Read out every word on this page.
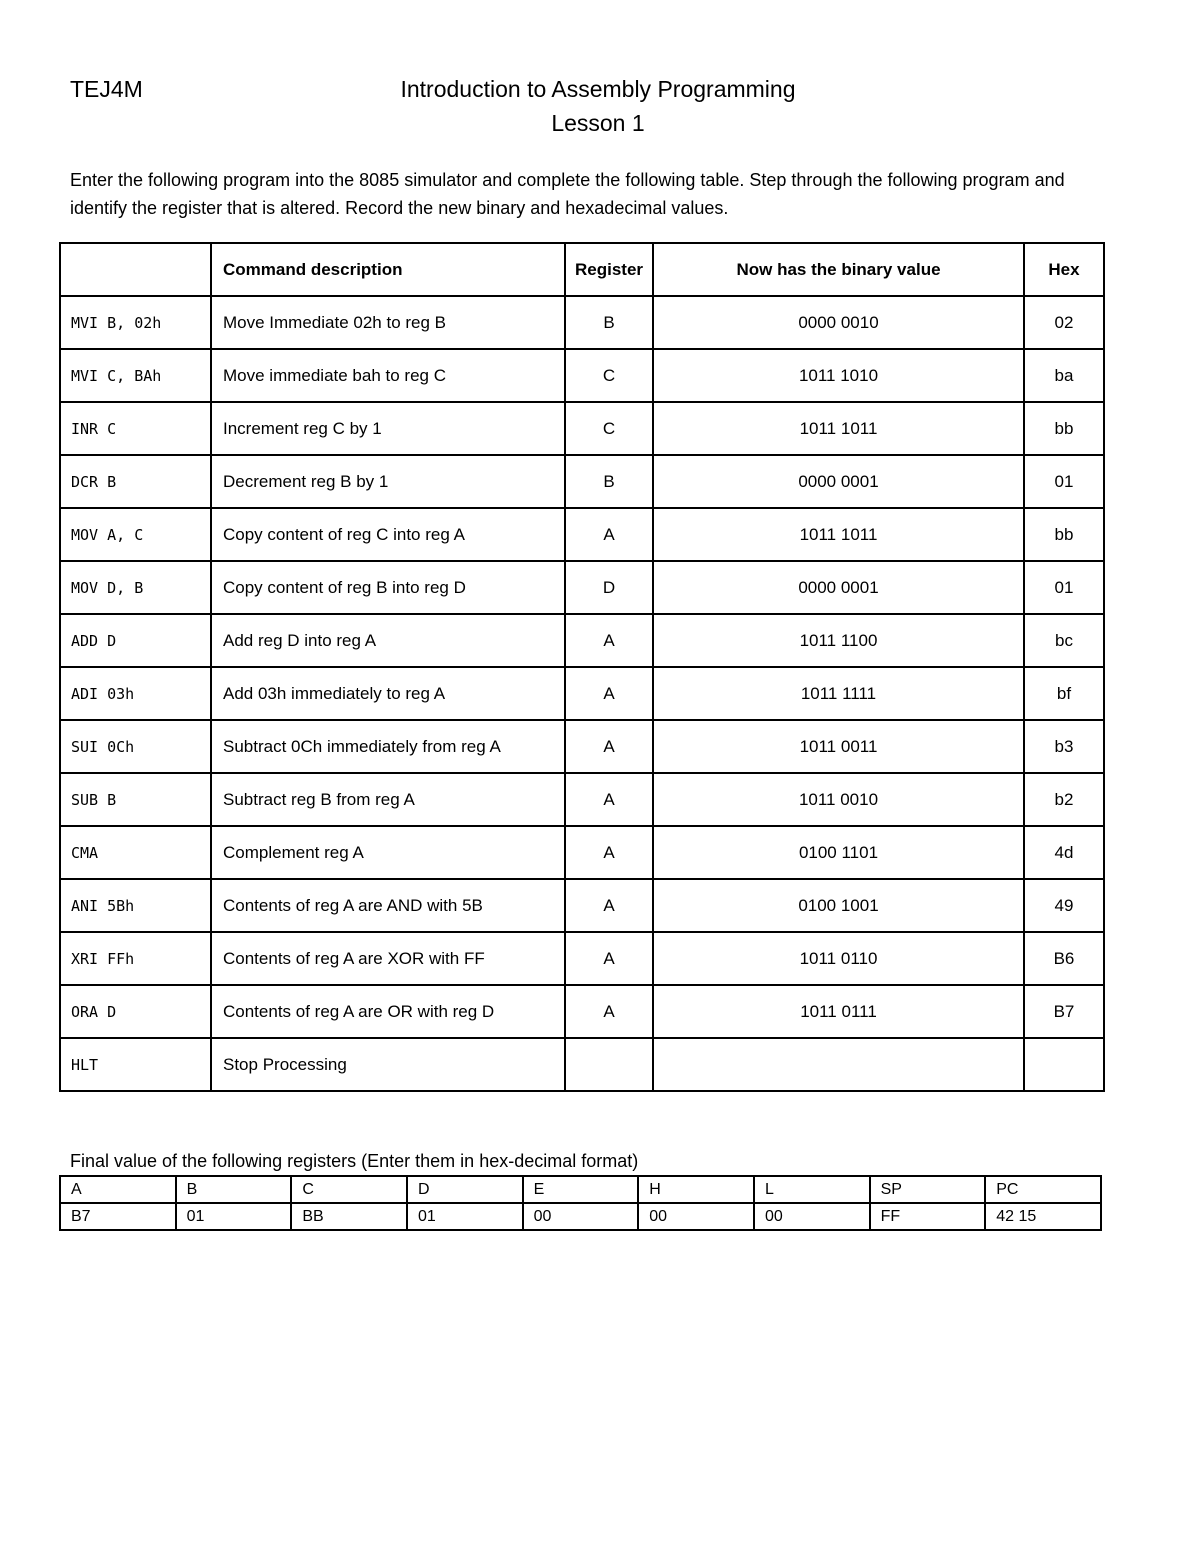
TEJ4M	Introduction to Assembly Programming
Lesson 1
Enter the following program into the 8085 simulator and complete the following table. Step through the following program and identify the register that is altered. Record the new binary and hexadecimal values.
	Command description	Register	Now has the binary value	Hex
MVI B, 02h	Move Immediate 02h to reg B	B	0000 0010	02
MVI C, BAh	Move immediate bah to reg C	C	1011 1010	ba
INR C	Increment reg C by 1	C	1011 1011	bb
DCR B	Decrement reg B by 1	B	0000 0001	01
MOV A, C	Copy content of reg C into reg A	A	1011 1011	bb
MOV D, B	Copy content of reg B into reg D	D	0000 0001	01
ADD D	Add reg D into reg A	A	1011 1100	bc
ADI 03h	Add 03h immediately to reg A	A	1011 1111	bf
SUI 0Ch	Subtract 0Ch immediately from reg A	A	1011 0011	b3
SUB B	Subtract reg B from reg A	A	1011 0010	b2
CMA	Complement reg A	A	0100 1101	4d
ANI 5Bh	Contents of reg A are AND with 5B	A	0100 1001	49
XRI FFh	Contents of reg A are XOR with FF	A	1011 0110	B6
ORA D	Contents of reg A are OR with reg D	A	1011 0111	B7
HLT	Stop Processing			
Final value of the following registers (Enter them in hex-decimal format)
A	B	C	D	E	H	L	SP	PC
B7	01	BB	01	00	00	00	FF	42 15
